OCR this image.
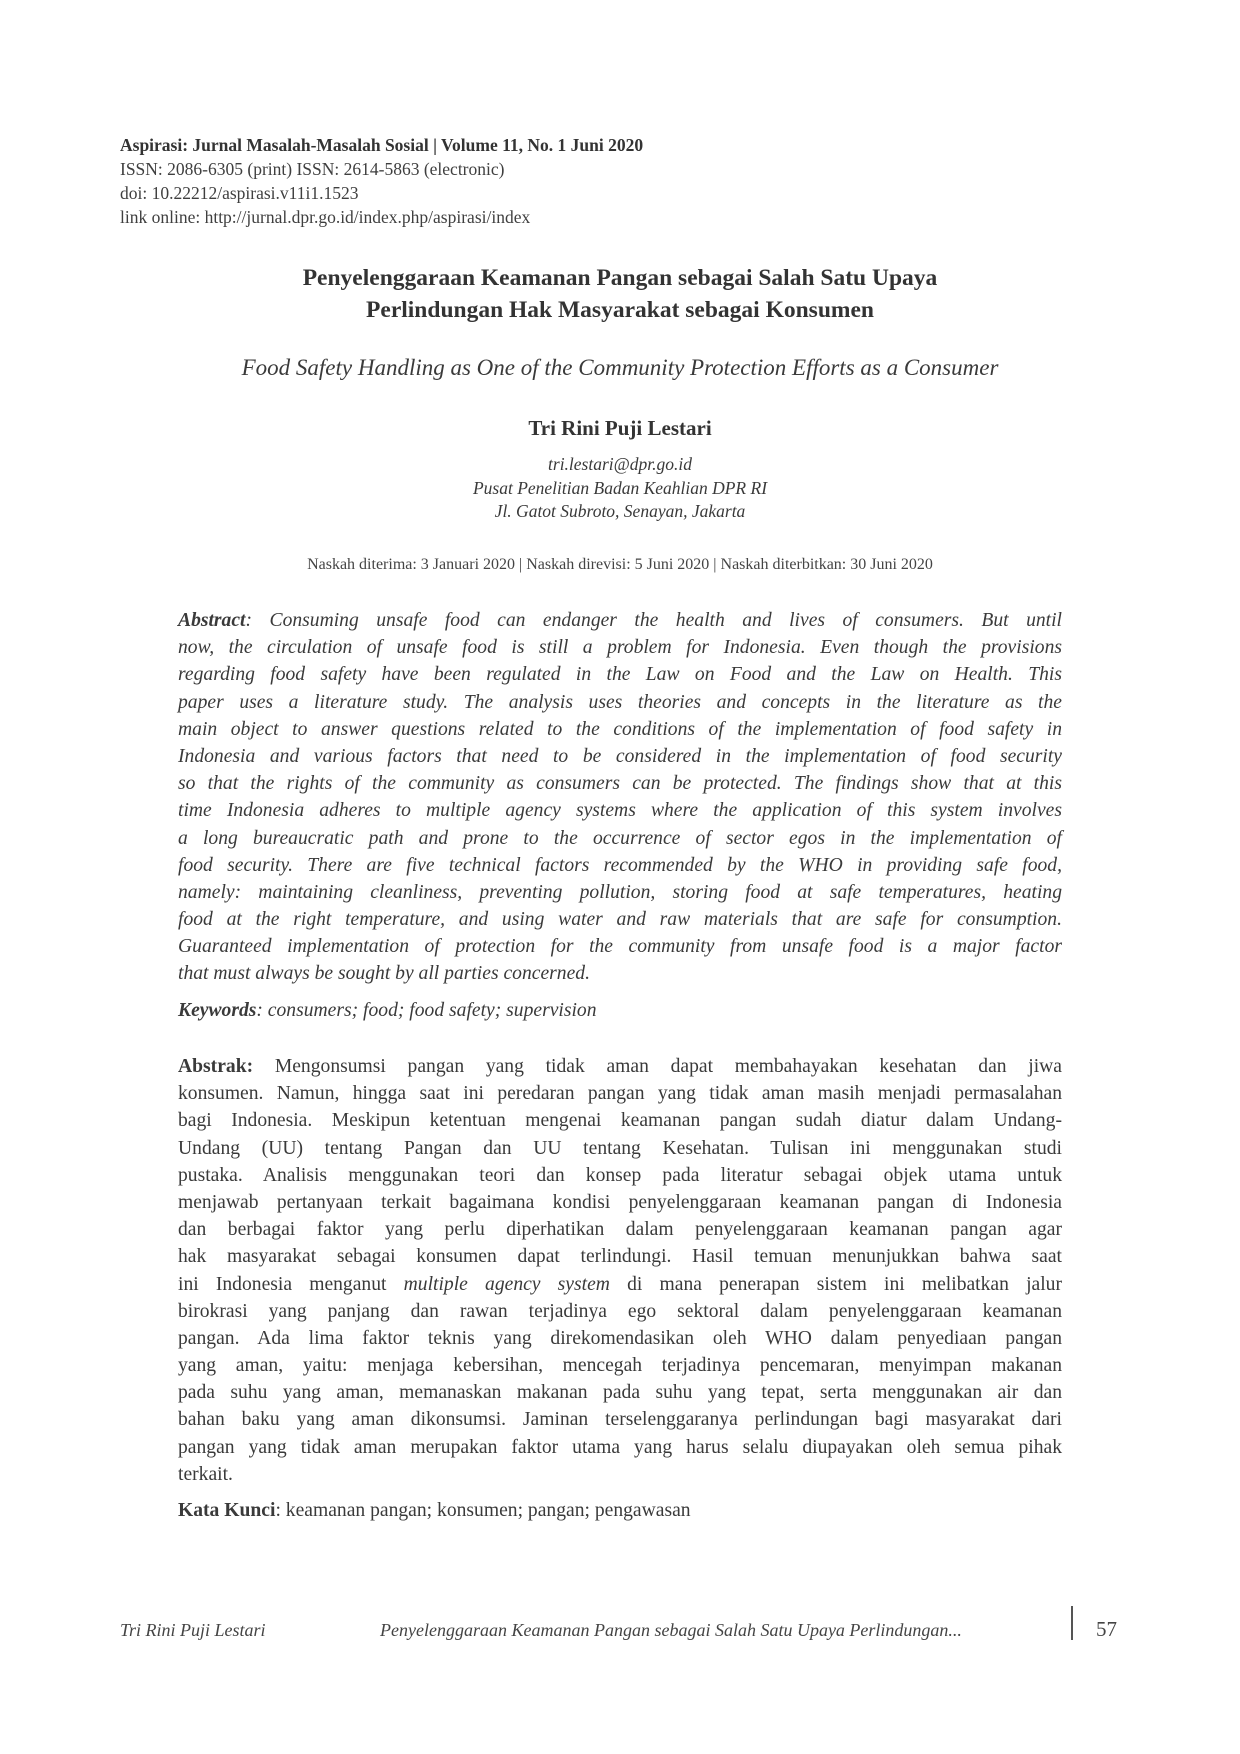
Aspirasi: Jurnal Masalah-Masalah Sosial | Volume 11, No. 1 Juni 2020
ISSN: 2086-6305 (print) ISSN: 2614-5863 (electronic)
doi: 10.22212/aspirasi.v11i1.1523
link online: http://jurnal.dpr.go.id/index.php/aspirasi/index
Penyelenggaraan Keamanan Pangan sebagai Salah Satu Upaya
Perlindungan Hak Masyarakat sebagai Konsumen
Food Safety Handling as One of the Community Protection Efforts as a Consumer
Tri Rini Puji Lestari
tri.lestari@dpr.go.id
Pusat Penelitian Badan Keahlian DPR RI
Jl. Gatot Subroto, Senayan, Jakarta
Naskah diterima: 3 Januari 2020 | Naskah direvisi: 5 Juni 2020 | Naskah diterbitkan: 30 Juni 2020
Abstract: Consuming unsafe food can endanger the health and lives of consumers. But until
now, the circulation of unsafe food is still a problem for Indonesia. Even though the provisions
regarding food safety have been regulated in the Law on Food and the Law on Health. This
paper uses a literature study. The analysis uses theories and concepts in the literature as the
main object to answer questions related to the conditions of the implementation of food safety in
Indonesia and various factors that need to be considered in the implementation of food security
so that the rights of the community as consumers can be protected. The findings show that at this
time Indonesia adheres to multiple agency systems where the application of this system involves
a long bureaucratic path and prone to the occurrence of sector egos in the implementation of
food security. There are five technical factors recommended by the WHO in providing safe food,
namely: maintaining cleanliness, preventing pollution, storing food at safe temperatures, heating
food at the right temperature, and using water and raw materials that are safe for consumption.
Guaranteed implementation of protection for the community from unsafe food is a major factor
that must always be sought by all parties concerned.
Keywords: consumers; food; food safety; supervision
Abstrak: Mengonsumsi pangan yang tidak aman dapat membahayakan kesehatan dan jiwa
konsumen. Namun, hingga saat ini peredaran pangan yang tidak aman masih menjadi permasalahan
bagi Indonesia. Meskipun ketentuan mengenai keamanan pangan sudah diatur dalam Undang-
Undang (UU) tentang Pangan dan UU tentang Kesehatan. Tulisan ini menggunakan studi
pustaka. Analisis menggunakan teori dan konsep pada literatur sebagai objek utama untuk
menjawab pertanyaan terkait bagaimana kondisi penyelenggaraan keamanan pangan di Indonesia
dan berbagai faktor yang perlu diperhatikan dalam penyelenggaraan keamanan pangan agar
hak masyarakat sebagai konsumen dapat terlindungi. Hasil temuan menunjukkan bahwa saat
ini Indonesia menganut multiple agency system di mana penerapan sistem ini melibatkan jalur
birokrasi yang panjang dan rawan terjadinya ego sektoral dalam penyelenggaraan keamanan
pangan. Ada lima faktor teknis yang direkomendasikan oleh WHO dalam penyediaan pangan
yang aman, yaitu: menjaga kebersihan, mencegah terjadinya pencemaran, menyimpan makanan
pada suhu yang aman, memanaskan makanan pada suhu yang tepat, serta menggunakan air dan
bahan baku yang aman dikonsumsi. Jaminan terselenggaranya perlindungan bagi masyarakat dari
pangan yang tidak aman merupakan faktor utama yang harus selalu diupayakan oleh semua pihak
terkait.
Kata Kunci: keamanan pangan; konsumen; pangan; pengawasan
Tri Rini Puji Lestari	Penyelenggaraan Keamanan Pangan sebagai Salah Satu Upaya Perlindungan...	57
